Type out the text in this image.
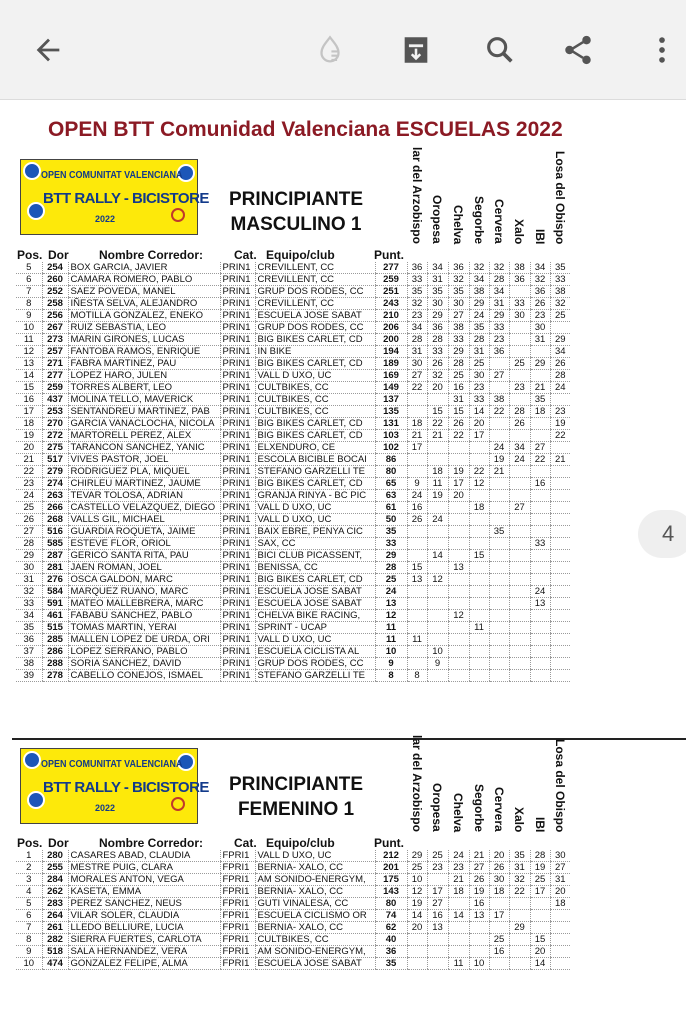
OPEN BTT Comunidad Valenciana ESCUELAS 2022
OPEN COMUNITAT VALENCIANA
BTT RALLY - BICISTORE
2022
PRINCIPIANTE
MASCULINO 1	lar del Arzobispo Oropesa Chelva Segorbe Cervera Xalo IBI Losa del Obispo
Pos. Dor	Nombre Corredor:	Cat. Equipo/club	Punt.
5	254	BOX GARCIA, JAVIER	PRIN1	CREVILLENT, CC	277	36	34	36	32	32	38	34	35
6	260	CAMARA ROMERO, PABLO	PRIN1	CREVILLENT, CC	259	33	31	32	34	28	36	32	33
7	252	SAEZ POVEDA, MANEL	PRIN1	GRUP DOS RODES, CC	251	35	35	35	38	34		36	38
8	258	IÑESTA SELVA, ALEJANDRO	PRIN1	CREVILLENT, CC	243	32	30	30	29	31	33	26	32
9	256	MOTILLA GONZALEZ, ENEKO	PRIN1	ESCUELA JOSE SABAT	210	23	29	27	24	29	30	23	25
10	267	RUIZ SEBASTIA, LEO	PRIN1	GRUP DOS RODES, CC	206	34	36	38	35	33		30	
11	273	MARIN GIRONES, LUCAS	PRIN1	BIG BIKES CARLET, CD	200	28	28	33	28	23		31	29
12	257	FANTOBA RAMOS, ENRIQUE	PRIN1	IN BIKE	194	31	33	29	31	36			34
13	271	FABRA MARTINEZ, PAU	PRIN1	BIG BIKES CARLET, CD	189	30	26	28	25		25	29	26
14	277	LOPEZ HARO, JULEN	PRIN1	VALL D UXO, UC	169	27	32	25	30	27			28
15	259	TORRES ALBERT, LEO	PRIN1	CULTBIKES, CC	149	22	20	16	23		23	21	24
16	437	MOLINA TELLO, MAVERICK	PRIN1	CULTBIKES, CC	137			31	33	38		35	
17	253	SENTANDREU MARTINEZ, PAB	PRIN1	CULTBIKES, CC	135		15	15	14	22	28	18	23
18	270	GARCIA VANACLOCHA, NICOLA	PRIN1	BIG BIKES CARLET, CD	131	18	22	26	20		26		19
19	272	MARTORELL PEREZ, ALEX	PRIN1	BIG BIKES CARLET, CD	103	21	21	22	17				22
20	275	TARANCON SANCHEZ, YANIC	PRIN1	ELXENDURO, CE	102	17				24	34	27	
21	517	VIVES PASTOR, JOEL	PRIN1	ESCOLA BICIBLE BOCAI	86					19	24	22	21
22	279	RODRIGUEZ PLA, MIQUEL	PRIN1	STEFANO GARZELLI TE	80		18	19	22	21			
23	274	CHIRLEU MARTINEZ, JAUME	PRIN1	BIG BIKES CARLET, CD	65	9	11	17	12			16	
24	263	TEVAR TOLOSA, ADRIAN	PRIN1	GRANJA RINYA - BC PIC	63	24	19	20					
25	266	CASTELLO VELAZQUEZ, DIEGO	PRIN1	VALL D UXO, UC	61	16			18		27		
26	268	VALLS GIL, MICHAEL	PRIN1	VALL D UXO, UC	50	26	24						
27	516	GUARDIA ROQUETA, JAIME	PRIN1	BAIX EBRE, PENYA CIC	35					35			
28	585	ESTEVE FLOR, ORIOL	PRIN1	SAX, CC	33							33	
29	287	GERICO SANTA RITA, PAU	PRIN1	BICI CLUB PICASSENT,	29		14		15				
30	281	JAEN ROMAN, JOEL	PRIN1	BENISSA, CC	28	15		13					
31	276	OSCA GALDON, MARC	PRIN1	BIG BIKES CARLET, CD	25	13	12						
32	584	MARQUEZ RUANO, MARC	PRIN1	ESCUELA JOSE SABAT	24							24	
33	591	MATEO MALLEBRERA, MARC	PRIN1	ESCUELA JOSE SABAT	13							13	
34	461	FABABU SANCHEZ, PABLO	PRIN1	CHELVA BIKE RACING,	12			12					
35	515	TOMAS MARTIN, YERAI	PRIN1	SPRINT - UCAP	11				11				
36	285	MALLEN LOPEZ DE URDA, ORI	PRIN1	VALL D UXO, UC	11	11							
37	286	LOPEZ SERRANO, PABLO	PRIN1	ESCUELA CICLISTA AL	10		10						
38	288	SORIA SANCHEZ, DAVID	PRIN1	GRUP DOS RODES, CC	9		9						
39	278	CABELLO CONEJOS, ISMAEL	PRIN1	STEFANO GARZELLI TE	8	8							
OPEN COMUNITAT VALENCIANA
BTT RALLY - BICISTORE
2022
PRINCIPIANTE
FEMENINO 1	lar del Arzobispo Oropesa Chelva Segorbe Cervera Xalo IBI Losa del Obispo
Pos. Dor	Nombre Corredor:	Cat. Equipo/club	Punt.
1	280	CASARES ABAD, CLAUDIA	FPRI1	VALL D UXO, UC	212	29	25	24	21	20	35	28	30
2	255	MESTRE PUIG, CLARA	FPRI1	BERNIA- XALO, CC	201	25	23	23	27	26	31	19	27
3	284	MORALES ANTON, VEGA	FPRI1	AM SONIDO-ENERGYM,	175	10		21	26	30	32	25	31
4	262	KASETA, EMMA	FPRI1	BERNIA- XALO, CC	143	12	17	18	19	18	22	17	20
5	283	PEREZ SANCHEZ, NEUS	FPRI1	GUTI VINALESA, CC	80	19	27		16				18
6	264	VILAR SOLER, CLAUDIA	FPRI1	ESCUELA CICLISMO OR	74	14	16	14	13	17			
7	261	LLEDO BELLIURE, LUCIA	FPRI1	BERNIA- XALO, CC	62	20	13				29		
8	282	SIERRA FUERTES, CARLOTA	FPRI1	CULTBIKES, CC	40					25		15	
9	518	SALA HERNANDEZ, VERA	FPRI1	AM SONIDO-ENERGYM,	36					16		20	
10	474	GONZALEZ FELIPE, ALMA	FPRI1	ESCUELA JOSE SABAT	35			11	10			14	
4
